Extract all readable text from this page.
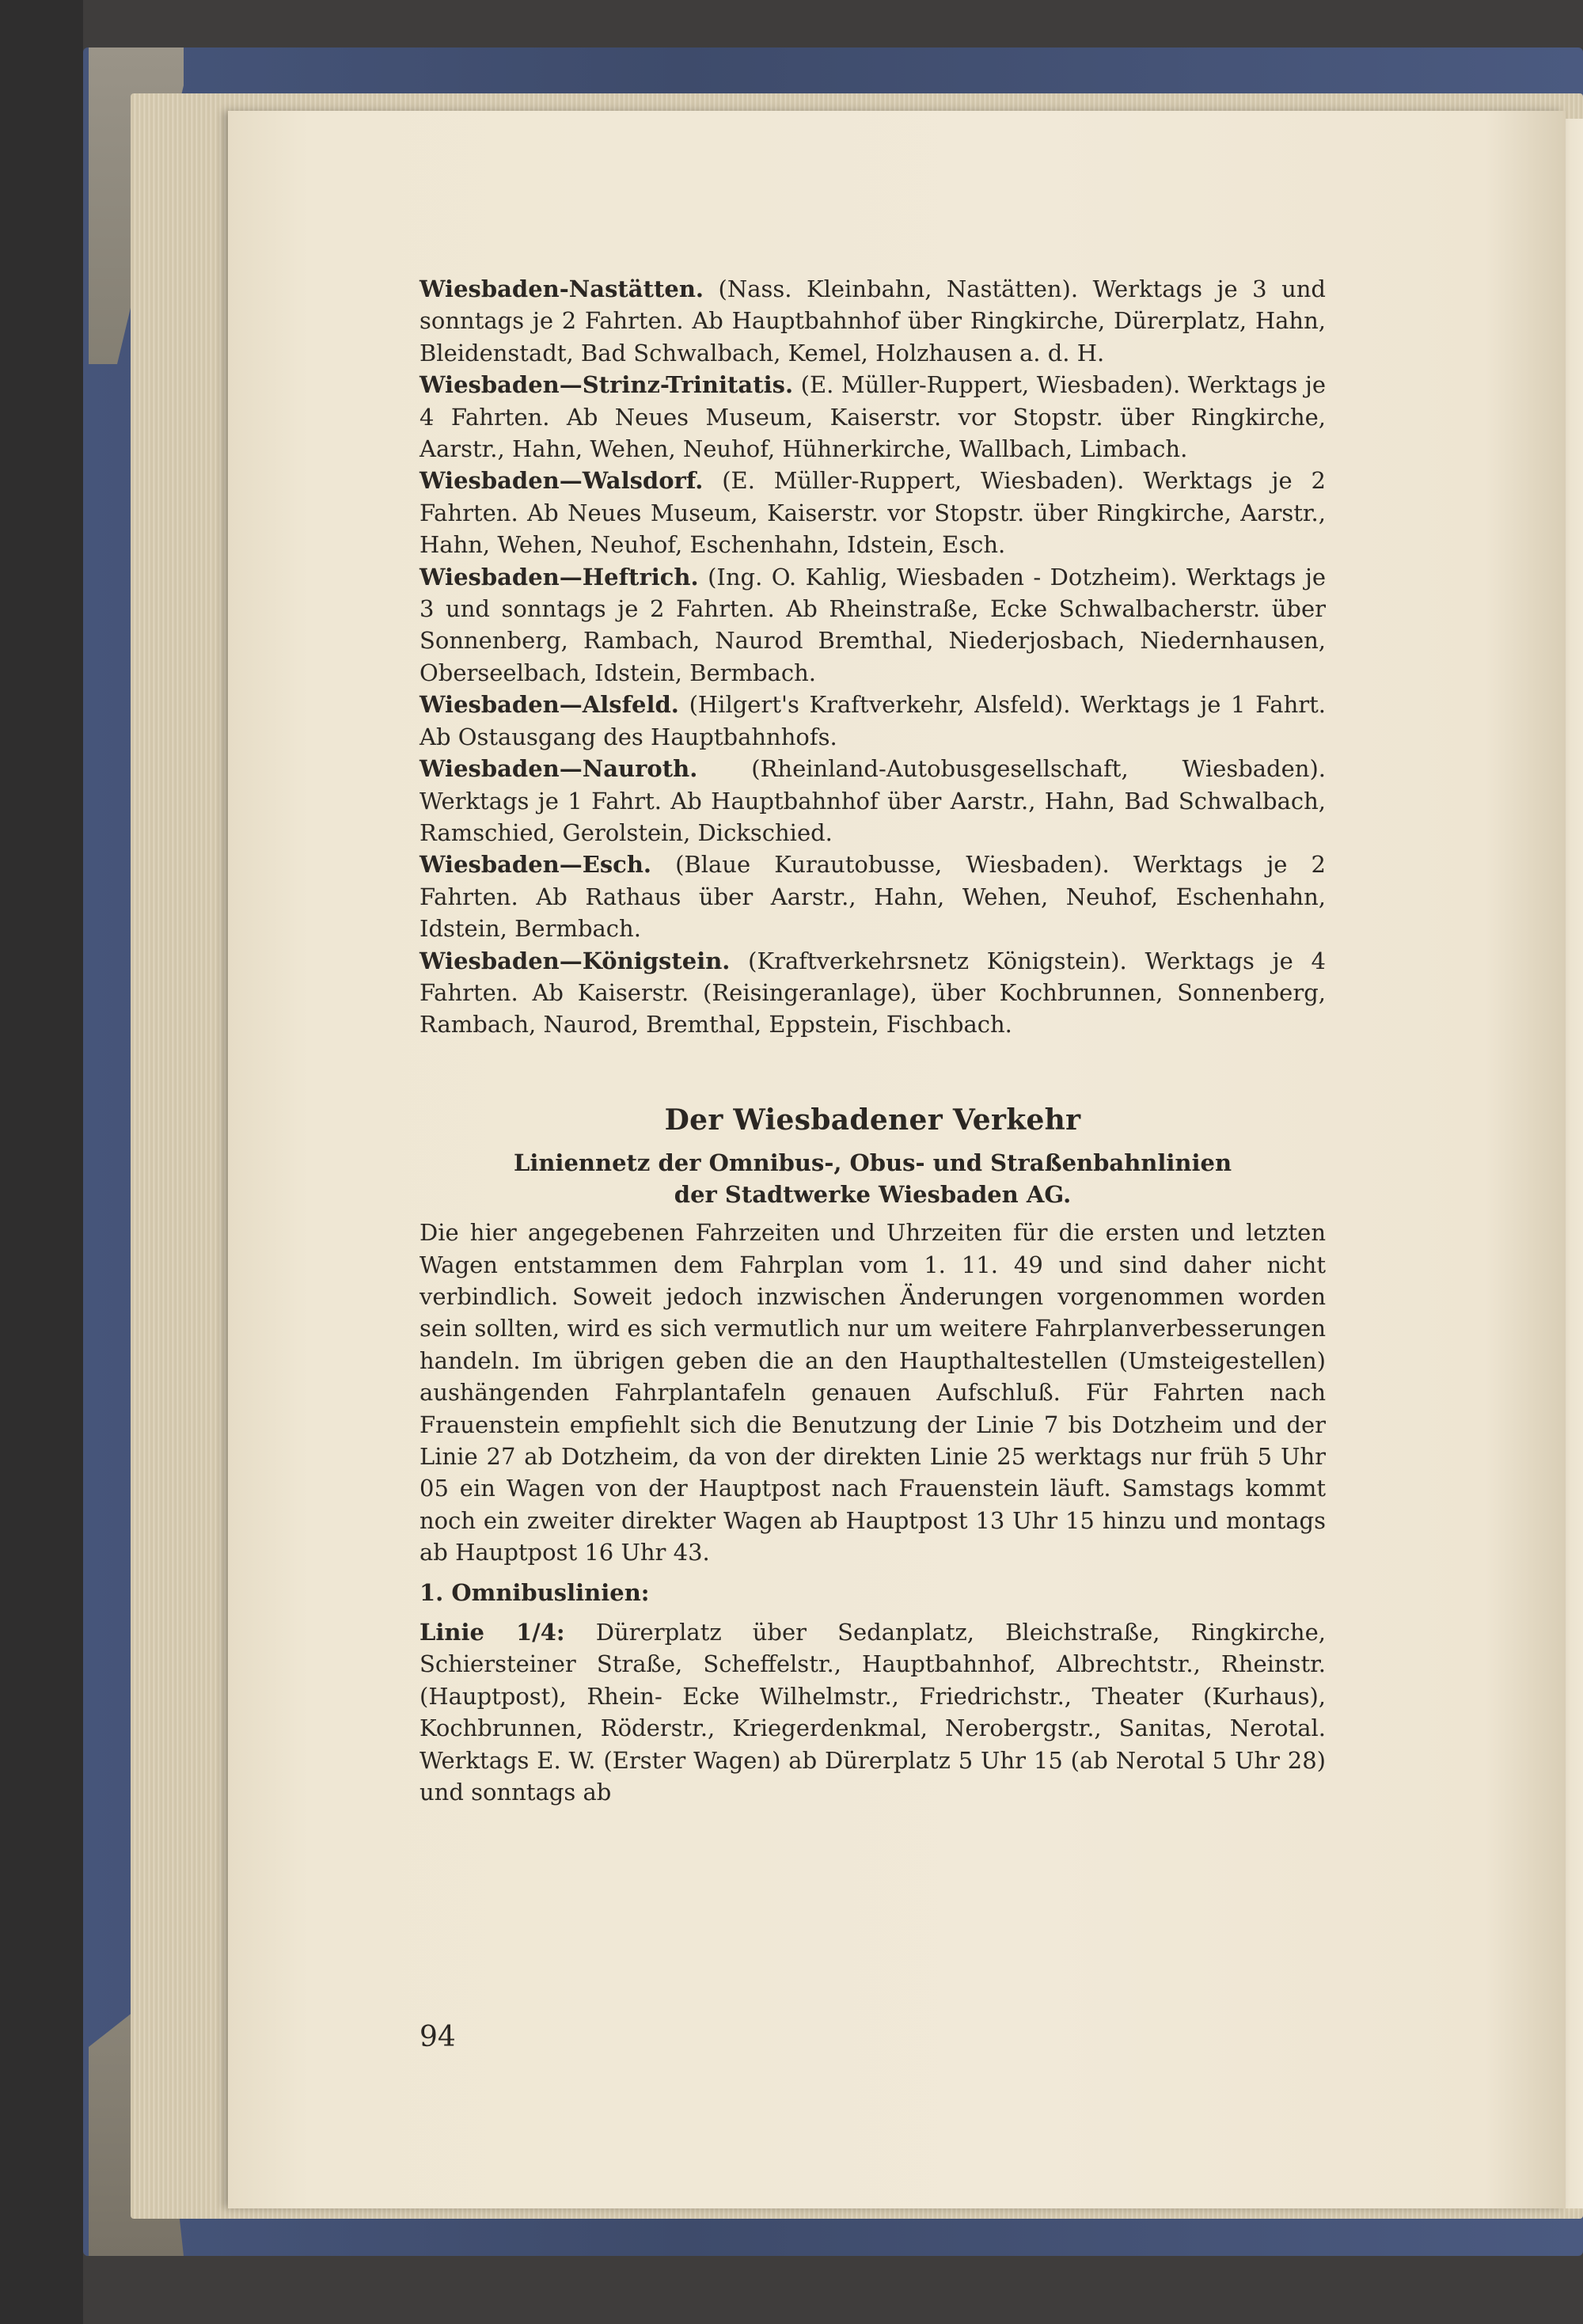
Wiesbaden-Nastätten. (Nass. Kleinbahn, Nastätten). Werktags je 3 und sonntags je 2 Fahrten. Ab Hauptbahnhof über Ringkirche, Dürerplatz, Hahn, Bleidenstadt, Bad Schwalbach, Kemel, Holzhausen a. d. H.

Wiesbaden—Strinz-Trinitatis. (E. Müller-Ruppert, Wiesbaden). Werktags je 4 Fahrten. Ab Neues Museum, Kaiserstr. vor Stopstr. über Ringkirche, Aarstr., Hahn, Wehen, Neuhof, Hühnerkirche, Wallbach, Limbach.

Wiesbaden—Walsdorf. (E. Müller-Ruppert, Wiesbaden). Werktags je 2 Fahrten. Ab Neues Museum, Kaiserstr. vor Stopstr. über Ringkirche, Aarstr., Hahn, Wehen, Neuhof, Eschenhahn, Idstein, Esch.

Wiesbaden—Heftrich. (Ing. O. Kahlig, Wiesbaden - Dotzheim). Werktags je 3 und sonntags je 2 Fahrten. Ab Rheinstraße, Ecke Schwalbacherstr. über Sonnenberg, Rambach, Naurod Bremthal, Niederjosbach, Niedernhausen, Oberseelbach, Idstein, Bermbach.

Wiesbaden—Alsfeld. (Hilgert's Kraftverkehr, Alsfeld). Werktags je 1 Fahrt. Ab Ostausgang des Hauptbahnhofs.

Wiesbaden—Nauroth. (Rheinland-Autobusgesellschaft, Wiesbaden). Werktags je 1 Fahrt. Ab Hauptbahnhof über Aarstr., Hahn, Bad Schwalbach, Ramschied, Gerolstein, Dickschied.

Wiesbaden—Esch. (Blaue Kurautobusse, Wiesbaden). Werktags je 2 Fahrten. Ab Rathaus über Aarstr., Hahn, Wehen, Neuhof, Eschenhahn, Idstein, Bermbach.

Wiesbaden—Königstein. (Kraftverkehrsnetz Königstein). Werktags je 4 Fahrten. Ab Kaiserstr. (Reisingeranlage), über Kochbrunnen, Sonnenberg, Rambach, Naurod, Bremthal, Eppstein, Fischbach.

Der Wiesbadener Verkehr

Liniennetz der Omnibus-, Obus- und Straßenbahnlinien
der Stadtwerke Wiesbaden AG.

Die hier angegebenen Fahrzeiten und Uhrzeiten für die ersten und letzten Wagen entstammen dem Fahrplan vom 1. 11. 49 und sind daher nicht verbindlich. Soweit jedoch inzwischen Änderungen vorgenommen worden sein sollten, wird es sich vermutlich nur um weitere Fahrplanverbesserungen handeln. Im übrigen geben die an den Haupthaltestellen (Umsteigestellen) aushängenden Fahrplantafeln genauen Aufschluß. Für Fahrten nach Frauenstein empfiehlt sich die Benutzung der Linie 7 bis Dotzheim und der Linie 27 ab Dotzheim, da von der direkten Linie 25 werktags nur früh 5 Uhr 05 ein Wagen von der Hauptpost nach Frauenstein läuft. Samstags kommt noch ein zweiter direkter Wagen ab Hauptpost 13 Uhr 15 hinzu und montags ab Hauptpost 16 Uhr 43.

1. Omnibuslinien:

Linie 1/4: Dürerplatz über Sedanplatz, Bleichstraße, Ringkirche, Schiersteiner Straße, Scheffelstr., Hauptbahnhof, Albrechtstr., Rheinstr. (Hauptpost), Rhein- Ecke Wilhelmstr., Friedrichstr., Theater (Kurhaus), Kochbrunnen, Röderstr., Kriegerdenkmal, Nerobergstr., Sanitas, Nerotal. Werktags E. W. (Erster Wagen) ab Dürerplatz 5 Uhr 15 (ab Nerotal 5 Uhr 28) und sonntags ab

94
